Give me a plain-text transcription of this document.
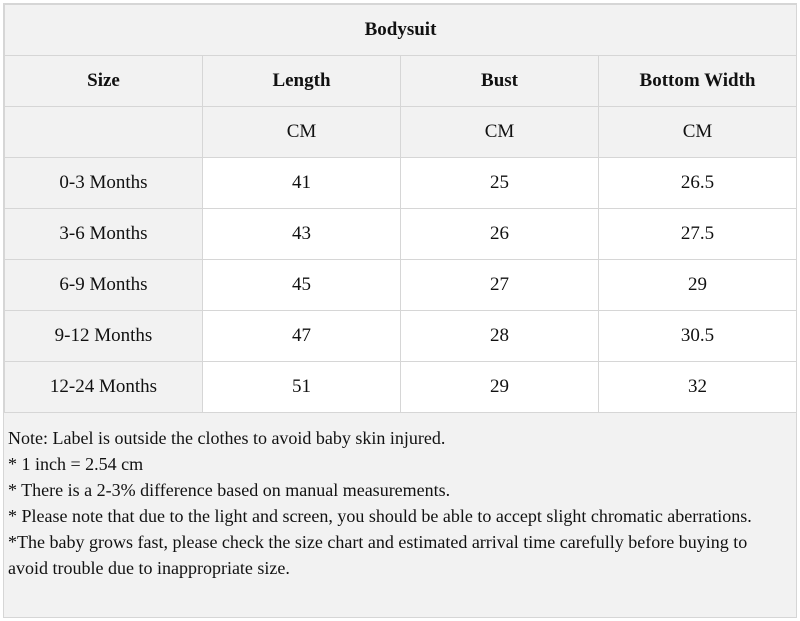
Bodysuit			
Size	Length	Bust	Bottom Width
	CM	CM	CM
0-3 Months	41	25	26.5
3-6 Months	43	26	27.5
6-9 Months	45	27	29
9-12 Months	47	28	30.5
12-24 Months	51	29	32
Note: Label is outside the clothes to avoid baby skin injured.
* 1 inch = 2.54 cm
* There is a 2-3% difference based on manual measurements.
* Please note that due to the light and screen, you should be able to accept slight chromatic aberrations.
*The baby grows fast, please check the size chart and estimated arrival time carefully before buying to avoid trouble due to inappropriate size.
